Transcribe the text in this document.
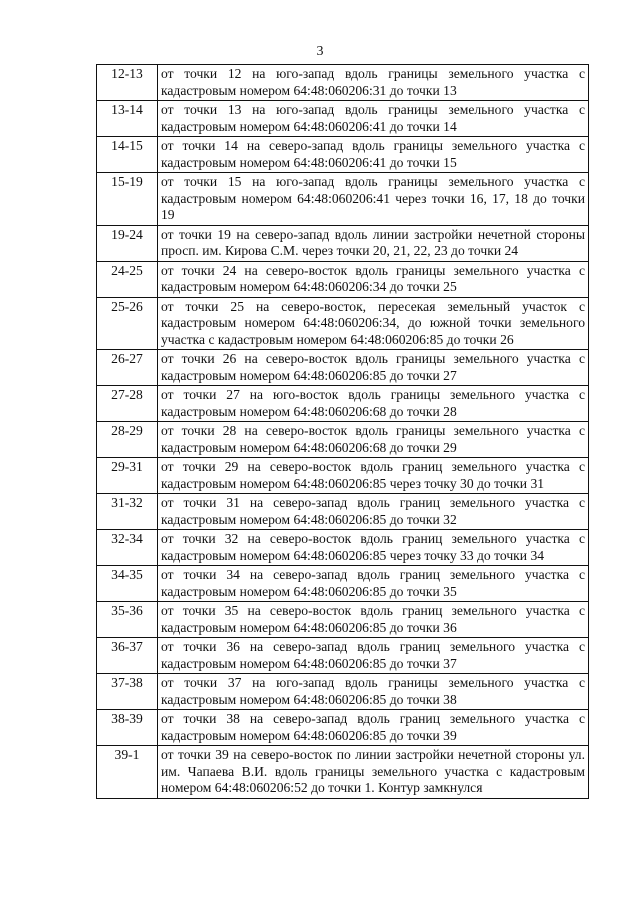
3
12-13	от точки 12 на юго-запад вдоль границы земельного участка с кадастровым номером 64:48:060206:31 до точки 13
13-14	от точки 13 на юго-запад вдоль границы земельного участка с кадастровым номером 64:48:060206:41 до точки 14
14-15	от точки 14 на северо-запад вдоль границы земельного участка с кадастровым номером 64:48:060206:41 до точки 15
15-19	от точки 15 на юго-запад вдоль границы земельного участка с кадастровым номером 64:48:060206:41 через точки 16, 17, 18 до точки 19
19-24	от точки 19 на северо-запад вдоль линии застройки нечетной стороны просп. им. Кирова С.М. через точки 20, 21, 22, 23 до точки 24
24-25	от точки 24 на северо-восток вдоль границы земельного участка с кадастровым номером 64:48:060206:34 до точки 25
25-26	от точки 25 на северо-восток, пересекая земельный участок с кадастровым номером 64:48:060206:34, до южной точки земельного участка с кадастровым номером 64:48:060206:85 до точки 26
26-27	от точки 26 на северо-восток вдоль границы земельного участка с кадастровым номером 64:48:060206:85 до точки 27
27-28	от точки 27 на юго-восток вдоль границы земельного участка с кадастровым номером 64:48:060206:68 до точки 28
28-29	от точки 28 на северо-восток вдоль границы земельного участка с кадастровым номером 64:48:060206:68 до точки 29
29-31	от точки 29 на северо-восток вдоль границ земельного участка с кадастровым номером 64:48:060206:85 через точку 30 до точки 31
31-32	от точки 31 на северо-запад вдоль границ земельного участка с кадастровым номером 64:48:060206:85 до точки 32
32-34	от точки 32 на северо-восток вдоль границ земельного участка с кадастровым номером 64:48:060206:85 через точку 33 до точки 34
34-35	от точки 34 на северо-запад вдоль границ земельного участка с кадастровым номером 64:48:060206:85 до точки 35
35-36	от точки 35 на северо-восток вдоль границ земельного участка с кадастровым номером 64:48:060206:85 до точки 36
36-37	от точки 36 на северо-запад вдоль границ земельного участка с кадастровым номером 64:48:060206:85 до точки 37
37-38	от точки 37 на юго-запад вдоль границы земельного участка с кадастровым номером 64:48:060206:85 до точки 38
38-39	от точки 38 на северо-запад вдоль границ земельного участка с кадастровым номером 64:48:060206:85 до точки 39
39-1	от точки 39 на северо-восток по линии застройки нечетной стороны ул. им. Чапаева В.И. вдоль границы земельного участка с кадастровым номером 64:48:060206:52 до точки 1. Контур замкнулся
